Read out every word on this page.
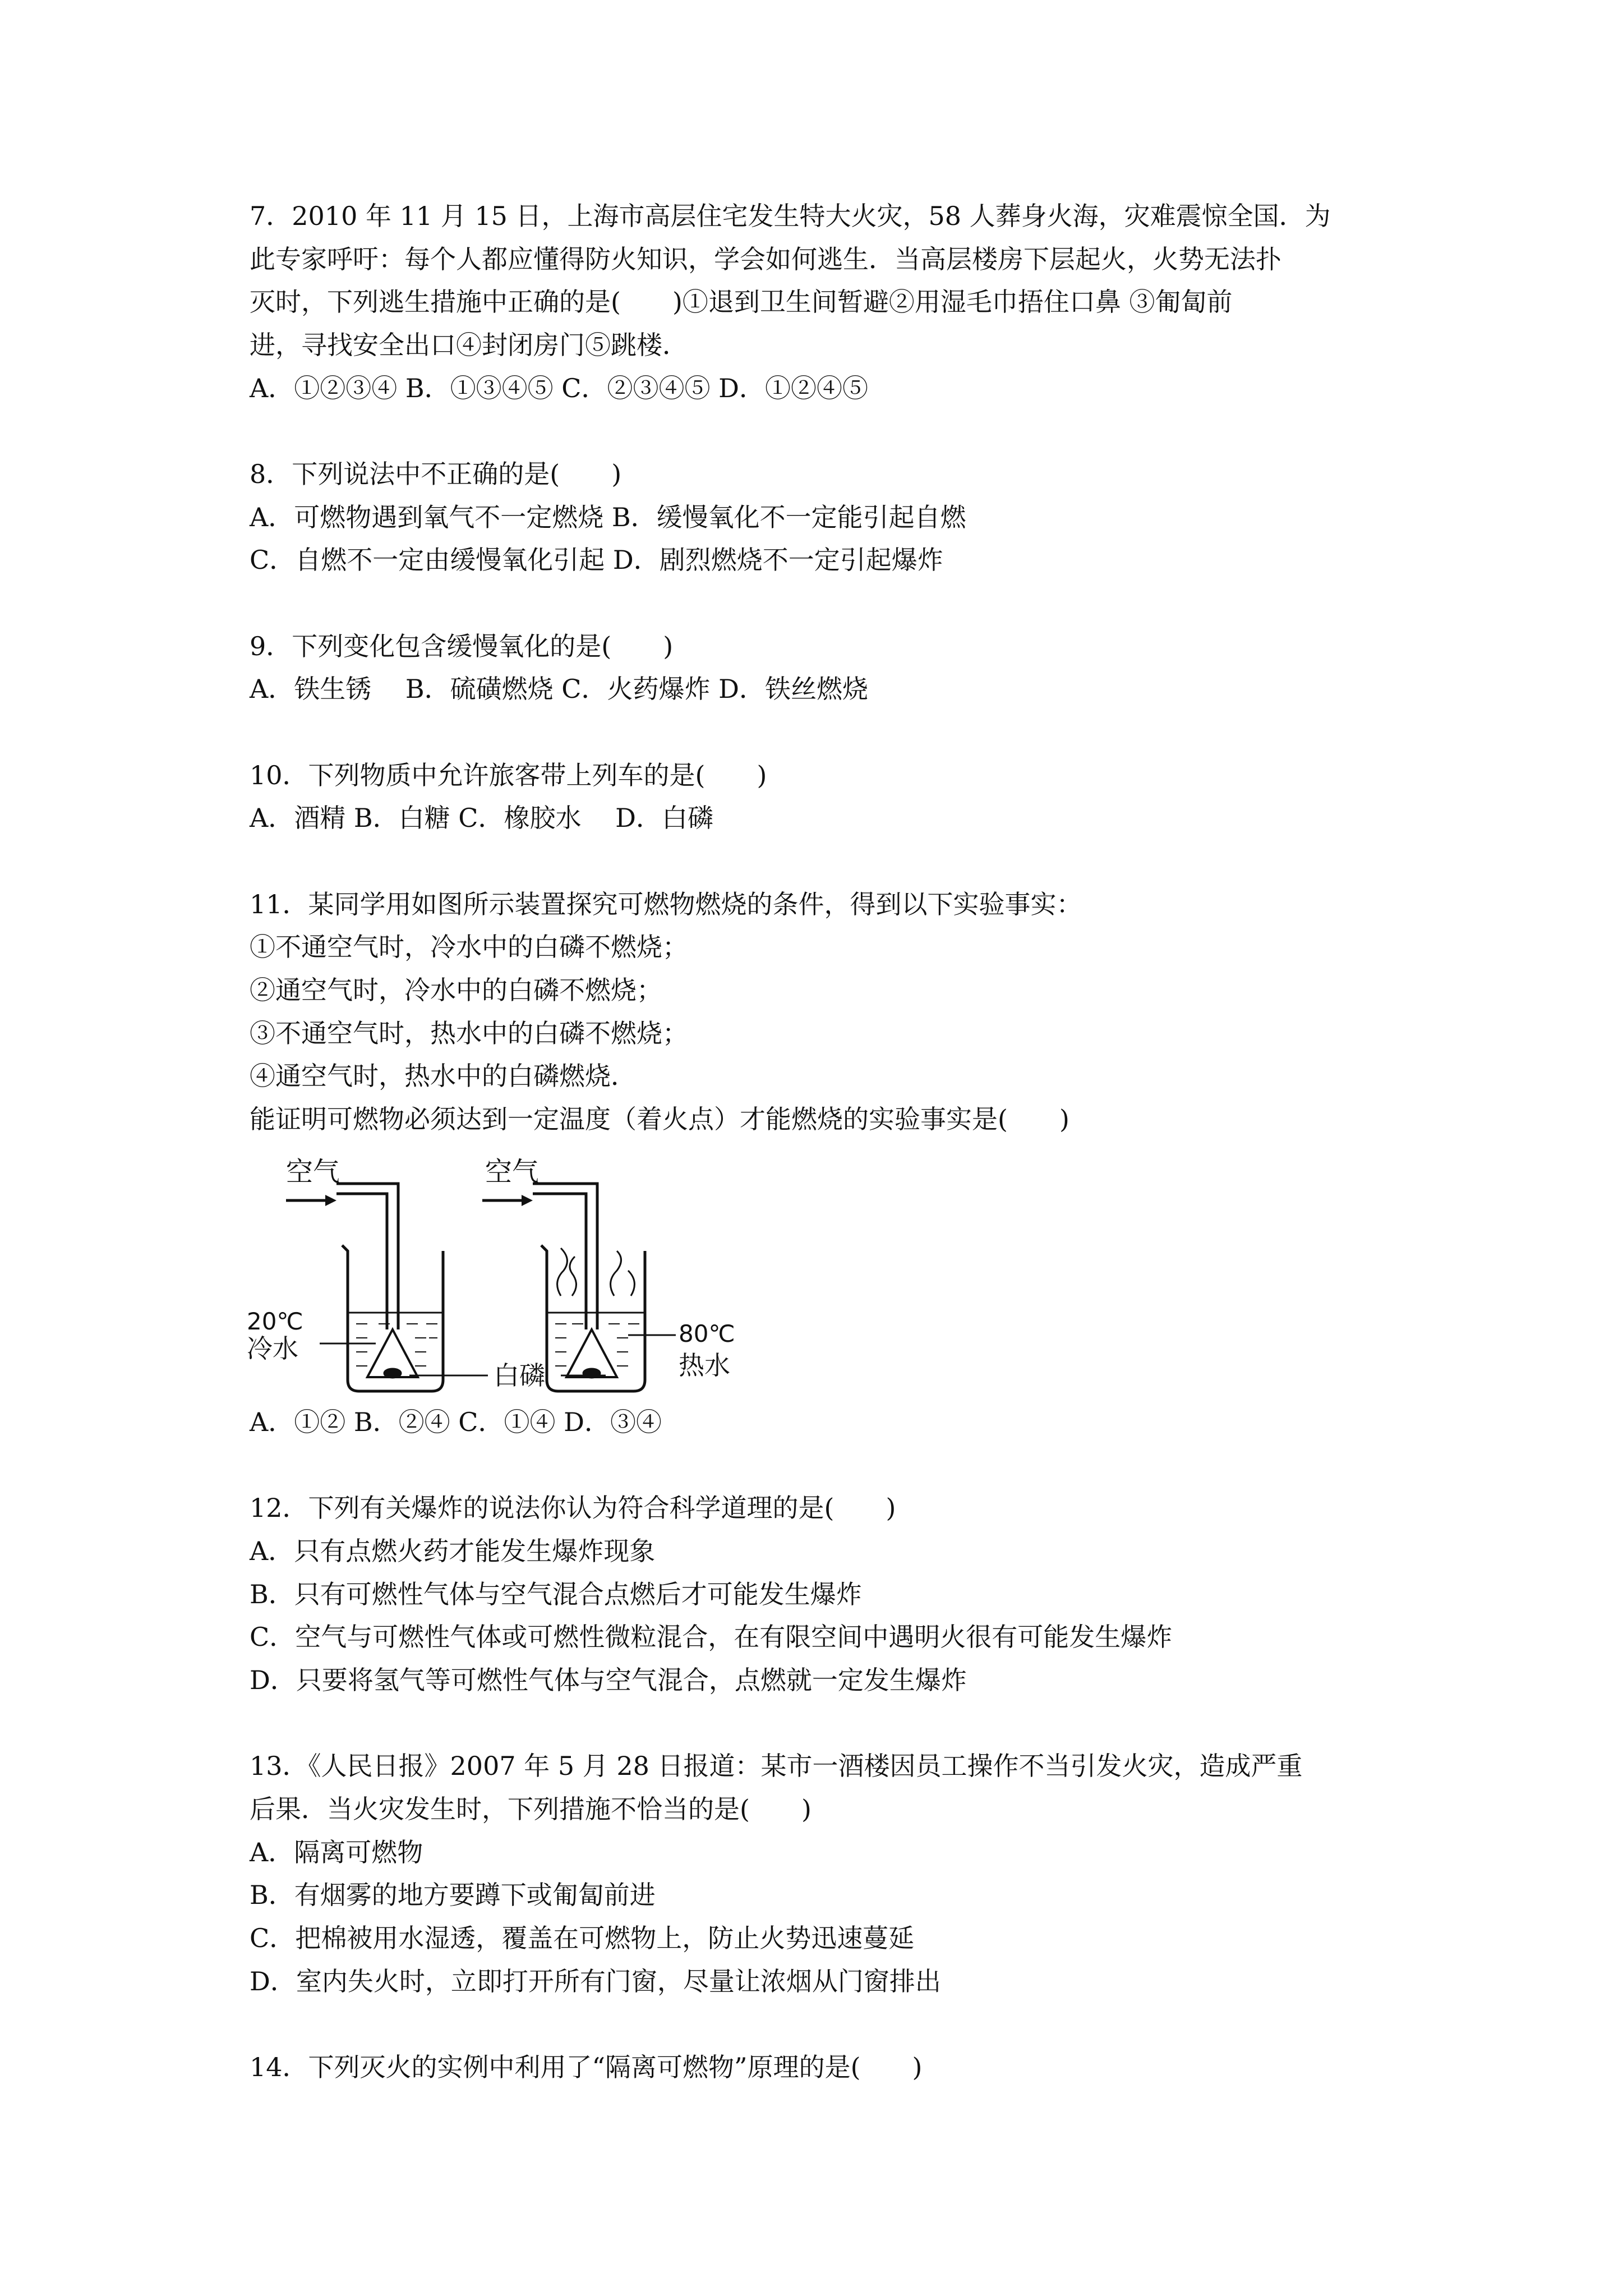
7．2010 年 11 月 15 日，上海市高层住宅发生特大火灾，58 人葬身火海，灾难震惊全国．为
此专家呼吁：每个人都应懂得防火知识，学会如何逃生．当高层楼房下层起火，火势无法扑
灭时，下列逃生措施中正确的是(　　)①退到卫生间暂避②用湿毛巾捂住口鼻 ③匍匐前
进，寻找安全出口④封闭房门⑤跳楼．
A．①②③④ B．①③④⑤ C．②③④⑤ D．①②④⑤
8．下列说法中不正确的是(　　)
A．可燃物遇到氧气不一定燃烧 B．缓慢氧化不一定能引起自燃
C．自燃不一定由缓慢氧化引起 D．剧烈燃烧不一定引起爆炸
9．下列变化包含缓慢氧化的是(　　)
A．铁生锈　 B．硫磺燃烧 C．火药爆炸 D．铁丝燃烧
10．下列物质中允许旅客带上列车的是(　　)
A．酒精 B．白糖 C．橡胶水　 D．白磷
11．某同学用如图所示装置探究可燃物燃烧的条件，得到以下实验事实：
①不通空气时，冷水中的白磷不燃烧；
②通空气时，冷水中的白磷不燃烧；
③不通空气时，热水中的白磷不燃烧；
④通空气时，热水中的白磷燃烧．
能证明可燃物必须达到一定温度（着火点）才能燃烧的实验事实是(　　)
空气
20℃
冷水
白磷
空气
80℃
热水
A．①② B．②④ C．①④ D．③④
12．下列有关爆炸的说法你认为符合科学道理的是(　　)
A．只有点燃火药才能发生爆炸现象
B．只有可燃性气体与空气混合点燃后才可能发生爆炸
C．空气与可燃性气体或可燃性微粒混合，在有限空间中遇明火很有可能发生爆炸
D．只要将氢气等可燃性气体与空气混合，点燃就一定发生爆炸
13．《人民日报》2007 年 5 月 28 日报道：某市一酒楼因员工操作不当引发火灾，造成严重
后果．当火灾发生时，下列措施不恰当的是(　　)
A．隔离可燃物
B．有烟雾的地方要蹲下或匍匐前进
C．把棉被用水湿透，覆盖在可燃物上，防止火势迅速蔓延
D．室内失火时，立即打开所有门窗，尽量让浓烟从门窗排出
14．下列灭火的实例中利用了“隔离可燃物”原理的是(　　)
